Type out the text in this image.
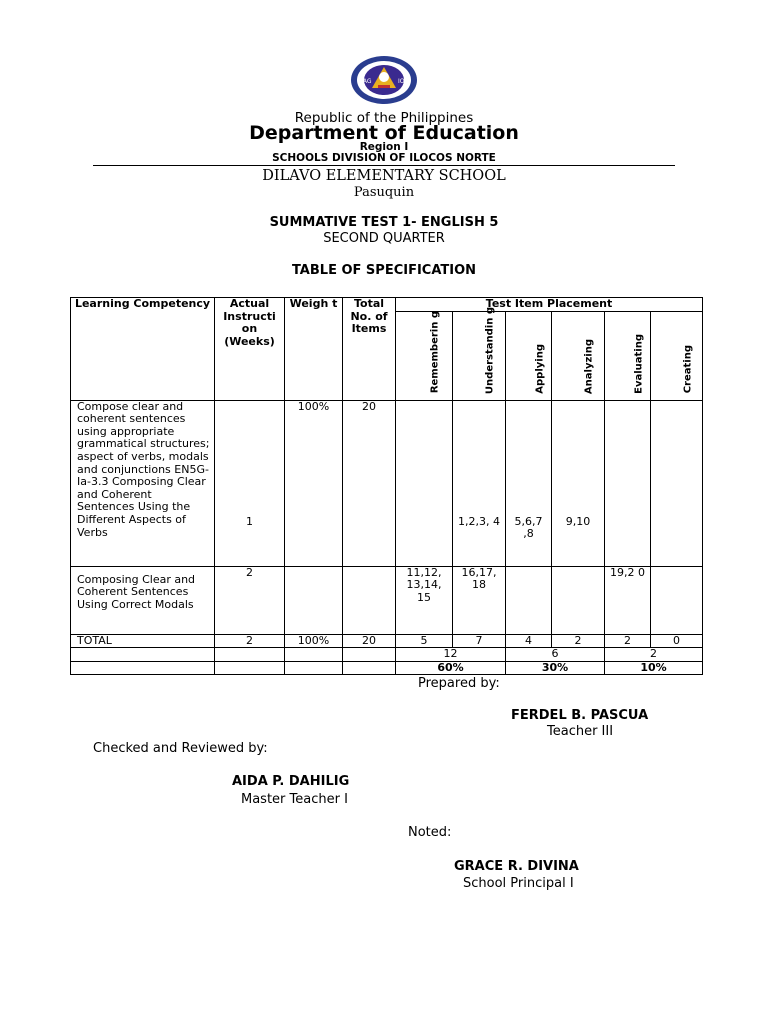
KAG	ION
Republic of the Philippines
Department of Education
Region I
SCHOOLS DIVISION OF ILOCOS NORTE
DILAVO ELEMENTARY SCHOOL
Pasuquin
SUMMATIVE TEST 1- ENGLISH 5
SECOND QUARTER
TABLE OF SPECIFICATION
Learning Competency	Actual Instructi on (Weeks)	Weigh t	Total No. of Items	Test Item Placement					

				Rememberin g	Understandin g	Applying	Analyzing	Evaluating	Creating

Compose clear and coherent sentences using appropriate grammatical structures; aspect of verbs, modals and conjunctions EN5G-Ia-3.3 Composing Clear and Coherent Sentences Using the Different Aspects of Verbs	1	100%	20		1,2,3, 4	5,6,7 ,8	9,10		
Composing Clear and Coherent Sentences Using Correct Modals	2			11,12, 13,14, 15	16,17, 18			19,2 0	
TOTAL	2	100%	20	5	7	4	2	2	0
				12		6		2	
				60%		30%		10%	
Prepared by:
FERDEL B. PASCUA
Teacher III
Checked and Reviewed by:
AIDA P. DAHILIG
Master Teacher I
Noted:
GRACE R. DIVINA
School Principal I
